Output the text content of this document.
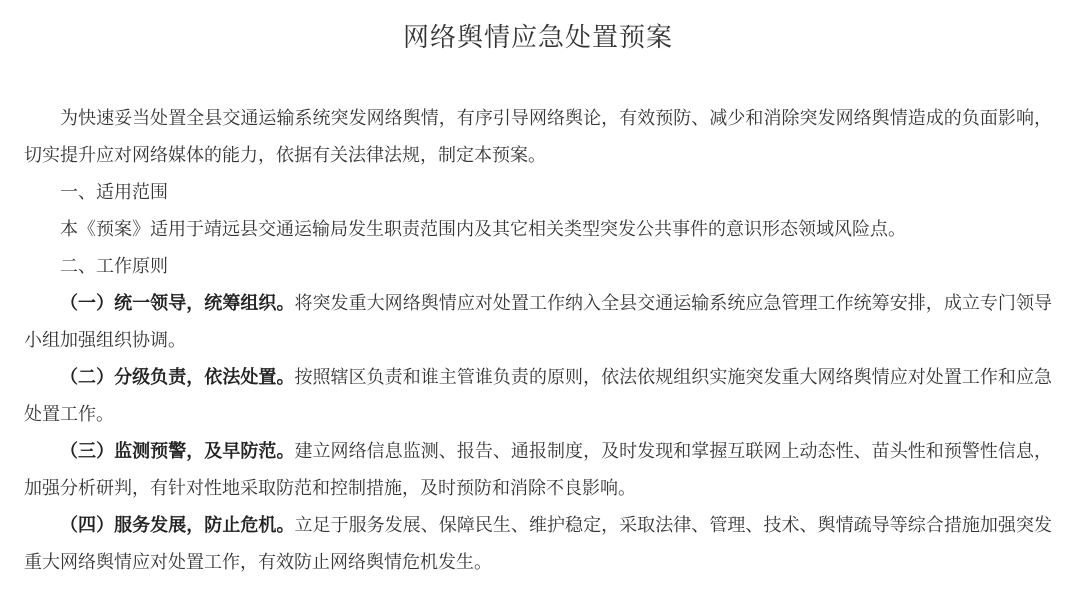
网络舆情应急处置预案

为快速妥当处置全县交通运输系统突发网络舆情，有序引导网络舆论，有效预防、减少和消除突发网络舆情造成的负面影响，切实提升应对网络媒体的能力，依据有关法律法规，制定本预案。

一、适用范围

本《预案》适用于靖远县交通运输局发生职责范围内及其它相关类型突发公共事件的意识形态领域风险点。

二、工作原则

（一）统一领导，统筹组织。将突发重大网络舆情应对处置工作纳入全县交通运输系统应急管理工作统筹安排，成立专门领导小组加强组织协调。

（二）分级负责，依法处置。按照辖区负责和谁主管谁负责的原则，依法依规组织实施突发重大网络舆情应对处置工作和应急处置工作。

（三）监测预警，及早防范。建立网络信息监测、报告、通报制度，及时发现和掌握互联网上动态性、苗头性和预警性信息，加强分析研判，有针对性地采取防范和控制措施，及时预防和消除不良影响。

（四）服务发展，防止危机。立足于服务发展、保障民生、维护稳定，采取法律、管理、技术、舆情疏导等综合措施加强突发重大网络舆情应对处置工作，有效防止网络舆情危机发生。
